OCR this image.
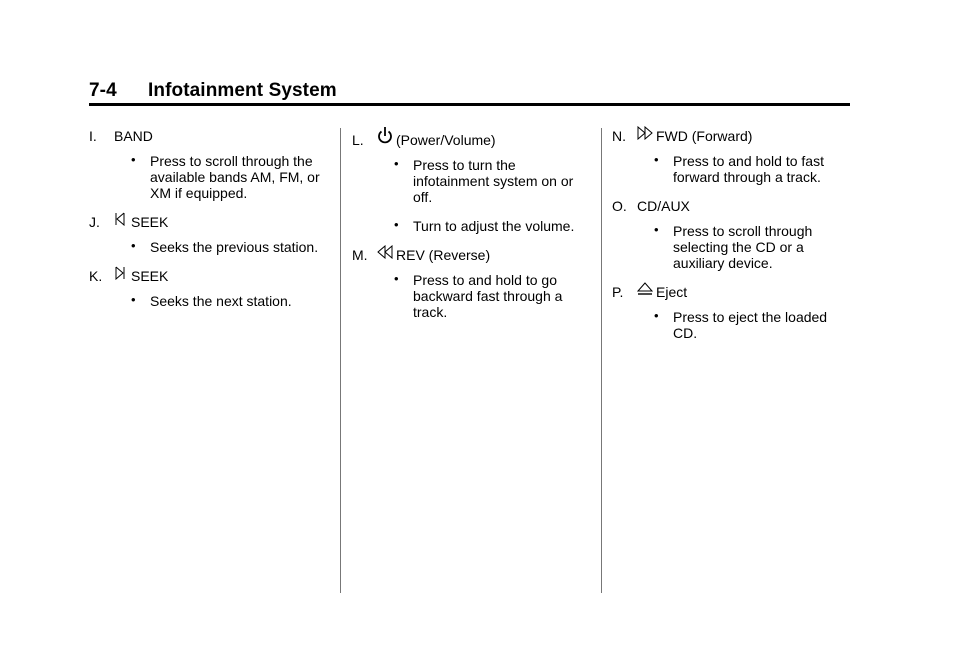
7-4 Infotainment System
I.	BAND
• Press to scroll through the available bands AM, FM, or XM if equipped.
J.	SEEK
• Seeks the previous station.
K.	SEEK
• Seeks the next station.
L.	(Power/Volume)
• Press to turn the infotainment system on or off.
• Turn to adjust the volume.
M.	REV (Reverse)
• Press to and hold to go backward fast through a track.
N.	FWD (Forward)
• Press to and hold to fast forward through a track.
O. CD/AUX
• Press to scroll through selecting the CD or a auxiliary device.
P.	Eject
• Press to eject the loaded CD.
